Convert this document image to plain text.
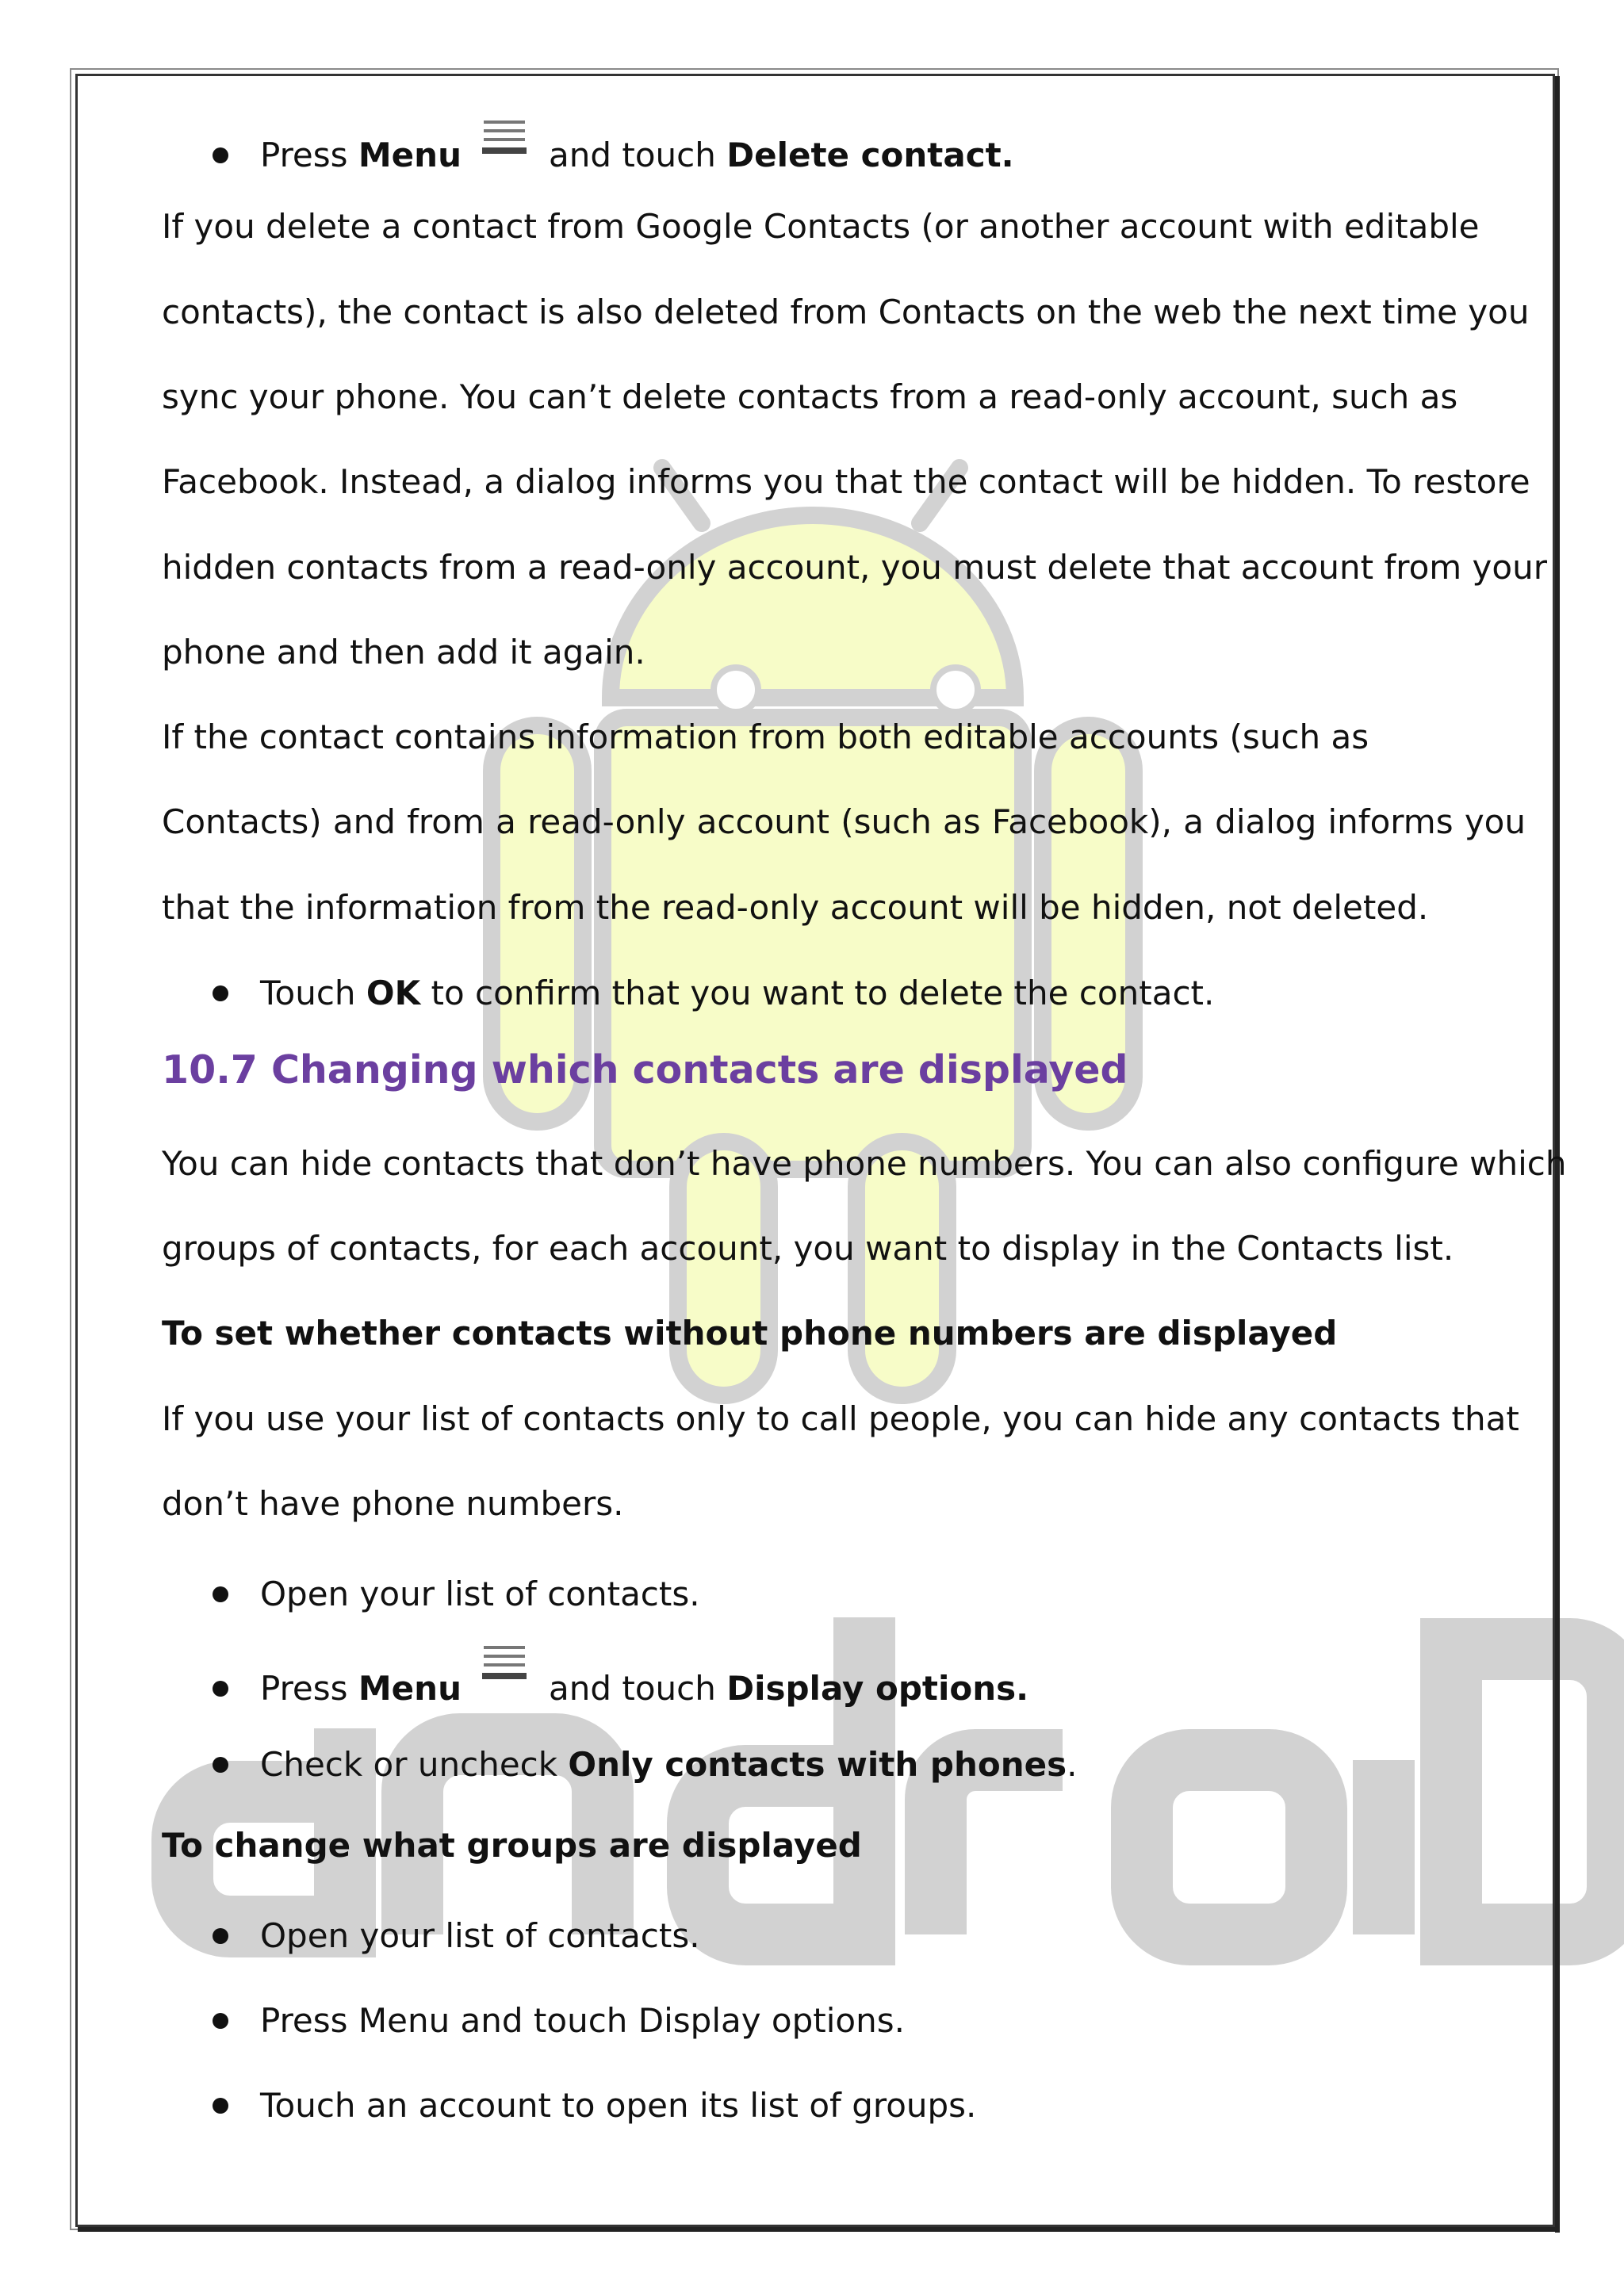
Press Menu	and touch Delete contact.
If you delete a contact from Google Contacts (or another account with editable
contacts), the contact is also deleted from Contacts on the web the next time you
sync your phone. You can’t delete contacts from a read-only account, such as
Facebook. Instead, a dialog informs you that the contact will be hidden. To restore
hidden contacts from a read-only account, you must delete that account from your
phone and then add it again.
If the contact contains information from both editable accounts (such as
Contacts) and from a read-only account (such as Facebook), a dialog informs you
that the information from the read-only account will be hidden, not deleted.
Touch OK to confirm that you want to delete the contact.
10.7 Changing which contacts are displayed
You can hide contacts that don’t have phone numbers. You can also configure which
groups of contacts, for each account, you want to display in the Contacts list.
To set whether contacts without phone numbers are displayed
If you use your list of contacts only to call people, you can hide any contacts that
don’t have phone numbers.
Open your list of contacts.
Press Menu	and touch Display options.
Check or uncheck Only contacts with phones.
To change what groups are displayed
Open your list of contacts.
Press Menu and touch Display options.
Touch an account to open its list of groups.
